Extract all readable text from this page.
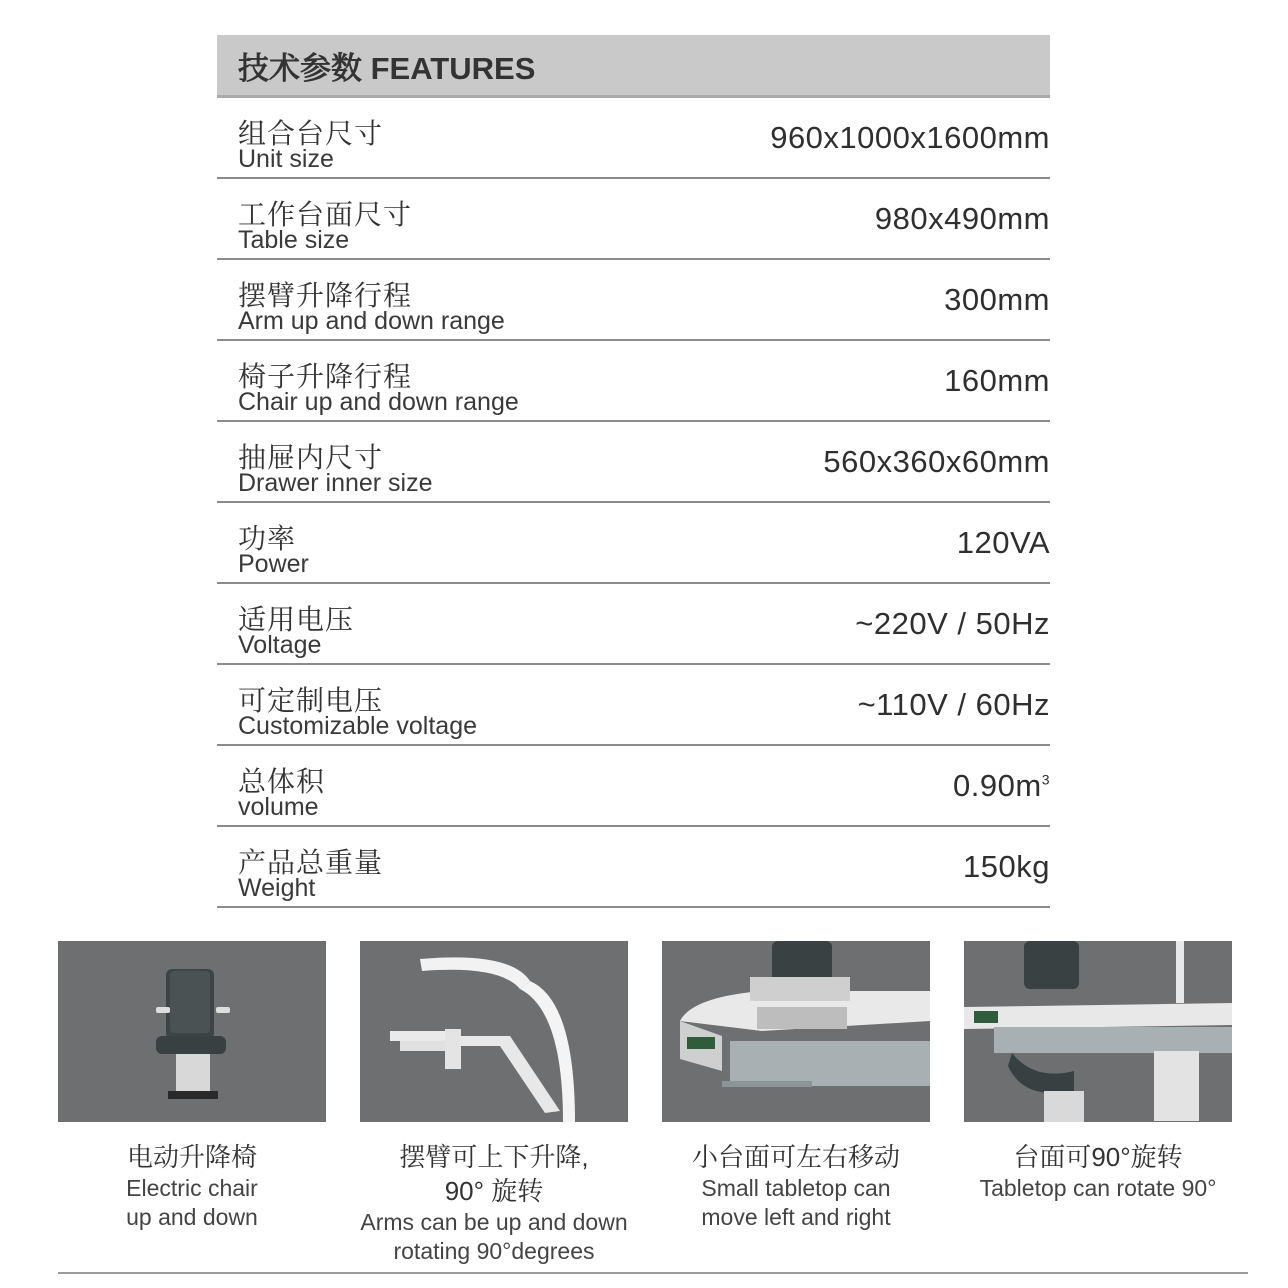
技术参数 FEATURES
组合台尺寸
Unit size
960x1000x1600mm
工作台面尺寸
Table size
980x490mm
摆臂升降行程
Arm up and down range
300mm
椅子升降行程
Chair up and down range
160mm
抽屉内尺寸
Drawer inner size
560x360x60mm
功率
Power
120VA
适用电压
Voltage
~220V / 50Hz
可定制电压
Customizable voltage
~110V / 60Hz
总体积
volume
$0.90m^3$
产品总重量
Weight
150kg
电动升降椅
Electric chair
up and down
摆臂可上下升降,
90° 旋转
Arms can be up and down
rotating 90°degrees
小台面可左右移动
Small tabletop can
move left and right
台面可90°旋转
Tabletop can rotate 90°
